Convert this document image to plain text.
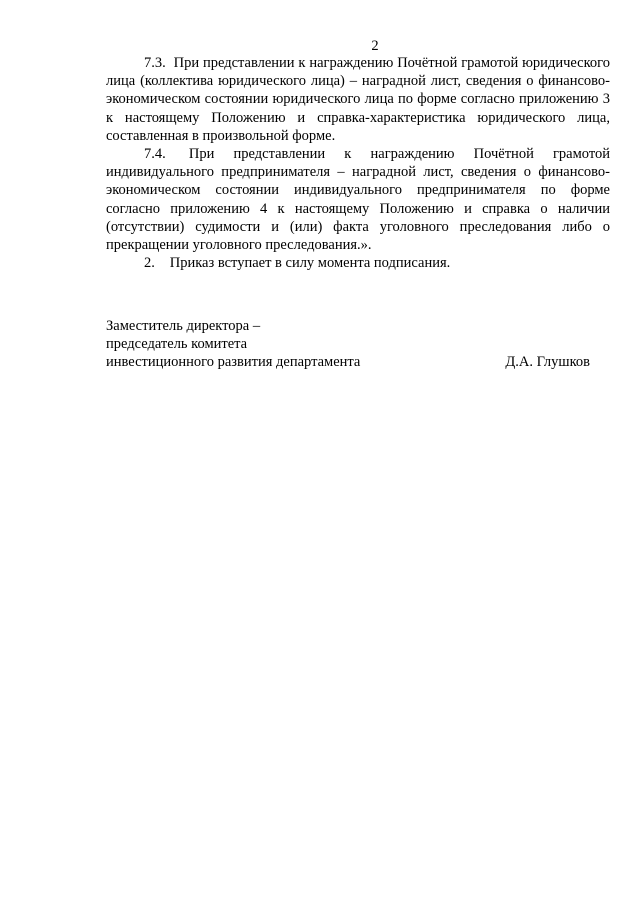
2

7.3. При представлении к награждению Почётной грамотой юридического лица (коллектива юридического лица) – наградной лист, сведения о финансово-экономическом состоянии юридического лица по форме согласно приложению 3 к настоящему Положению и справка-характеристика юридического лица, составленная в произвольной форме.

7.4. При представлении к награждению Почётной грамотой индивидуального предпринимателя – наградной лист, сведения о финансово-экономическом состоянии индивидуального предпринимателя по форме согласно приложению 4 к настоящему Положению и справка о наличии (отсутствии) судимости и (или) факта уголовного преследования либо о прекращении уголовного преследования.».

2. Приказ вступает в силу момента подписания.

Заместитель директора –
председатель комитета
инвестиционного развития департамента	Д.А. Глушков
